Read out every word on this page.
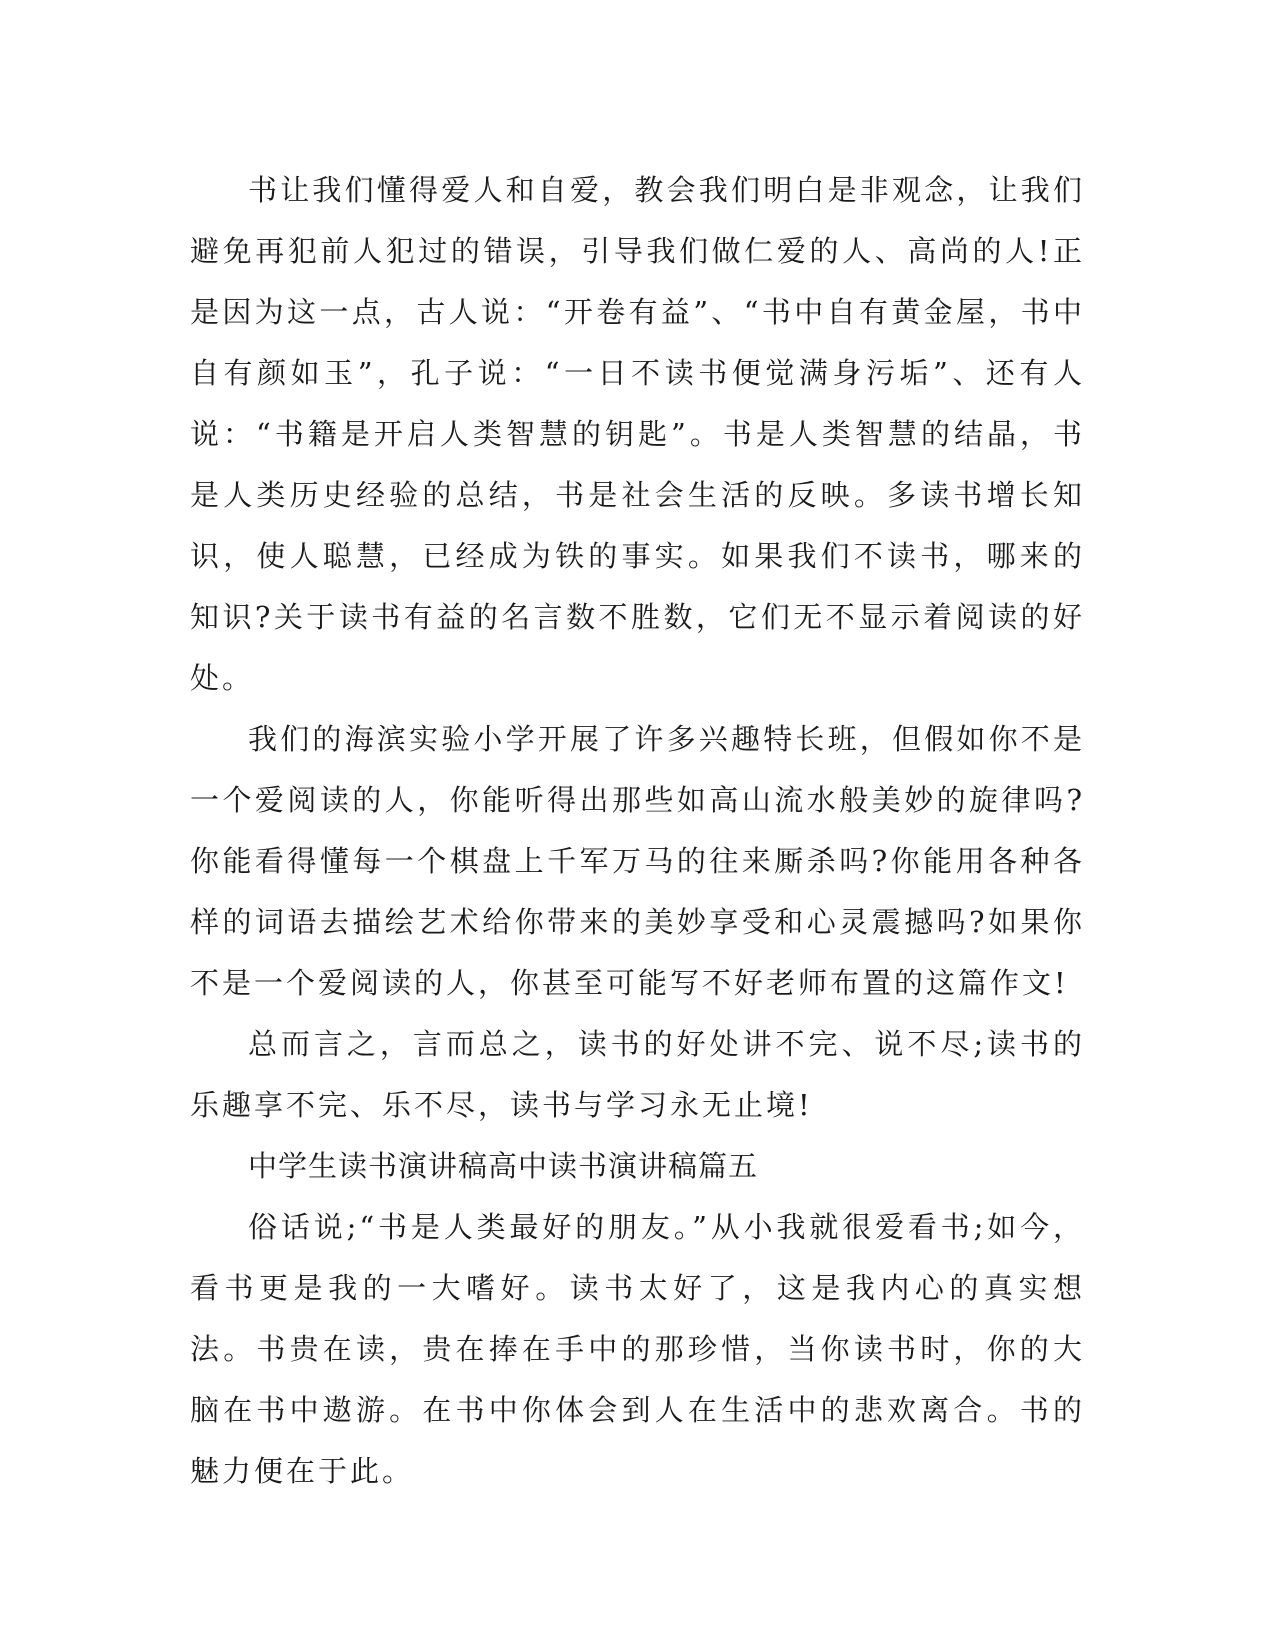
书让我们懂得爱人和自爱，教会我们明白是非观念，让我们避免再犯前人犯过的错误，引导我们做仁爱的人、高尚的人!正是因为这一点，古人说：“开卷有益”、“书中自有黄金屋，书中自有颜如玉”，孔子说：“一日不读书便觉满身污垢”、还有人说：“书籍是开启人类智慧的钥匙”。书是人类智慧的结晶，书是人类历史经验的总结，书是社会生活的反映。多读书增长知识，使人聪慧，已经成为铁的事实。如果我们不读书，哪来的知识?关于读书有益的名言数不胜数，它们无不显示着阅读的好处。

我们的海滨实验小学开展了许多兴趣特长班，但假如你不是一个爱阅读的人，你能听得出那些如高山流水般美妙的旋律吗?你能看得懂每一个棋盘上千军万马的往来厮杀吗?你能用各种各样的词语去描绘艺术给你带来的美妙享受和心灵震撼吗?如果你不是一个爱阅读的人，你甚至可能写不好老师布置的这篇作文!

总而言之，言而总之，读书的好处讲不完、说不尽;读书的乐趣享不完、乐不尽，读书与学习永无止境!

中学生读书演讲稿高中读书演讲稿篇五

俗话说;“书是人类最好的朋友。”从小我就很爱看书;如今，看书更是我的一大嗜好。读书太好了，这是我内心的真实想法。书贵在读，贵在捧在手中的那珍惜，当你读书时，你的大脑在书中遨游。在书中你体会到人在生活中的悲欢离合。书的魅力便在于此。
